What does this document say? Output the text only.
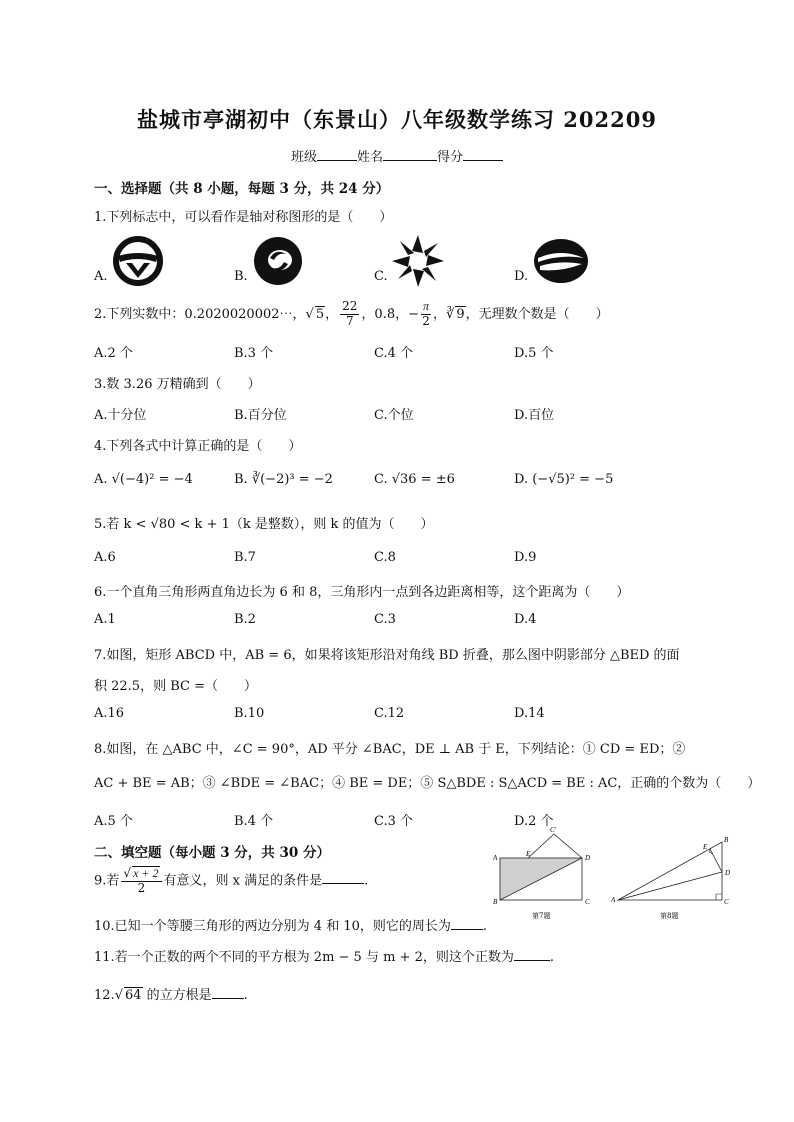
盐城市亭湖初中（东景山）八年级数学练习 202209
班级	姓名	得分
一、选择题（共 8 小题，每题 3 分，共 24 分）
1.下列标志中，可以看作是轴对称图形的是（　　）
A.	B.	C.	D.
2.下列实数中：0.2020020002⋯，√ 5， $\frac{22}{7}$ ，0.8̇，− $\frac{\pi}{2}$ ，∛ 9，无理数个数是（　　）
A.2 个	B.3 个	C.4 个	D.5 个
3.数 3.26 万精确到（　　）
A.十分位	B.百分位	C.个位	D.百位
4.下列各式中计算正确的是（　　）
A. √(−4)² = −4	B. ∛(−2)³ = −2	C. √36 = ±6	D. (−√5)² = −5
5.若 k < √80 < k + 1（k 是整数），则 k 的值为（　　）
A.6	B.7	C.8	D.9
6.一个直角三角形两直角边长为 6 和 8，三角形内一点到各边距离相等，这个距离为（　　）
A.1	B.2	C.3	D.4
7.如图，矩形 ABCD 中，AB = 6，如果将该矩形沿对角线 BD 折叠，那么图中阴影部分 △BED 的面
积 22.5，则 BC =（　　）
A.16	B.10	C.12	D.14
8.如图，在 △ABC 中，∠C = 90°，AD 平分 ∠BAC，DE ⊥ AB 于 E，下列结论：① CD = ED；②
AC + BE = AB；③ ∠BDE = ∠BAC；④ BE = DE；⑤ S△BDE : S△ACD = BE : AC，正确的个数为（　　）
A.5 个	B.4 个	C.3 个	D.2 个
二、填空题（每小题 3 分，共 30 分）
9.若 $\frac{√ x + 2}{2}$ 有意义，则 x 满足的条件是	.
10.已知一个等腰三角形的两边分别为 4 和 10，则它的周长为 .
11.若一个正数的两个不同的平方根为 2m − 5 与 m + 2，则这个正数为	.
12.√ 64 的立方根是 .
A
B	C
D
E
C'
第7题
A
B
C
D
E
第8题
